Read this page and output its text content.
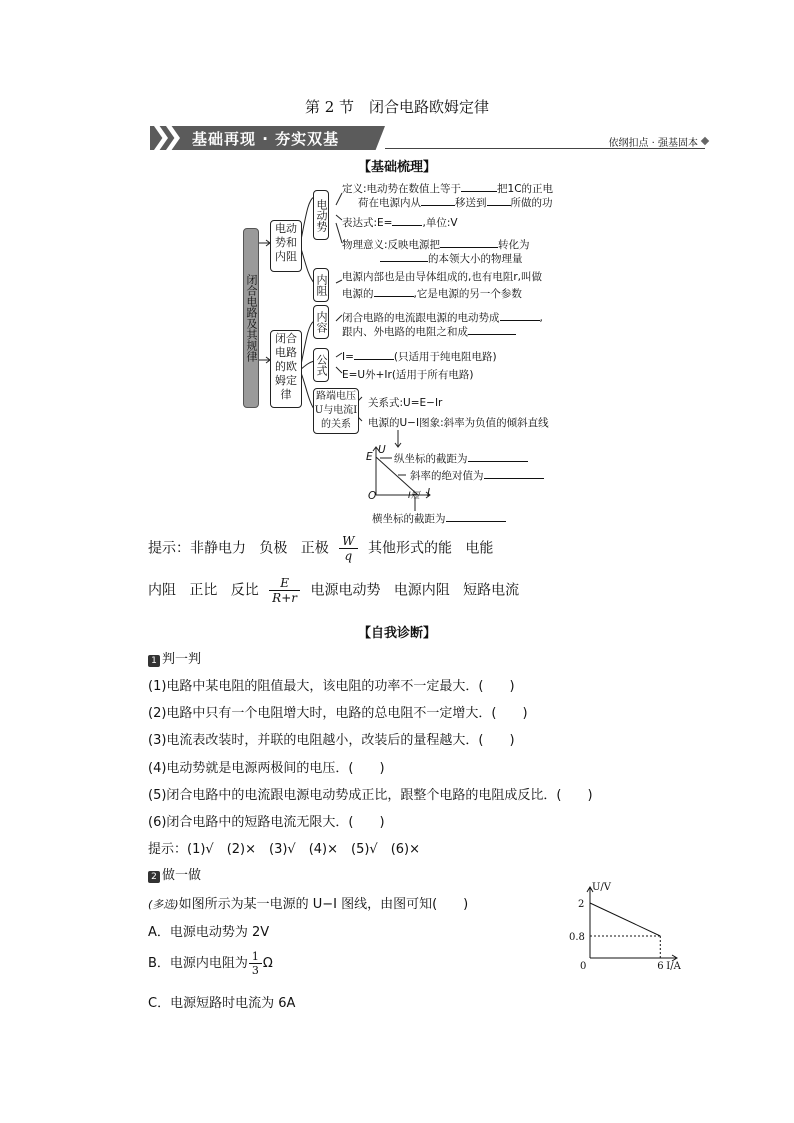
第 2 节　闭合电路欧姆定律
基础再现 · 夯实双基	依纲扣点 · 强基固本
【基础梳理】
闭合电路及其规律
电动势和内阻
闭合电路的欧姆定律
电动势
内阻
内容
公式
路端电压U与电流I的关系
定义:电动势在数值上等于	把1C的正电
荷在电源内从	移送到 所做的功
表达式:E=	,单位:V
物理意义:反映电源把	转化为
的本领大小的物理量
电源内部也是由导体组成的,也有电阻r,叫做
电源的	,它是电源的另一个参数
闭合电路的电流跟电源的电动势成	,
跟内、外电路的电阻之和成
I=	(只适用于纯电阻电路)
E=U外+Ir(适用于所有电路)
关系式:U=E−Ir
电源的U−I图象:斜率为负值的倾斜直线
U
E
O	I
I短
纵坐标的截距为
斜率的绝对值为
横坐标的截距为
提示：非静电力 负极 正极 $\frac{W}{q}$ 其他形式的能 电能
内阻 正比 反比 $\frac{E}{R+r}$ 电源电动势 电源内阻 短路电流
【自我诊断】
1 判一判
(1)电路中某电阻的阻值最大，该电阻的功率不一定最大．(　　)
(2)电路中只有一个电阻增大时，电路的总电阻不一定增大．(　　)
(3)电流表改装时，并联的电阻越小，改装后的量程越大．(　　)
(4)电动势就是电源两极间的电压．(　　)
(5)闭合电路中的电流跟电源电动势成正比，跟整个电路的电阻成反比．(　　)
(6)闭合电路中的短路电流无限大．(　　)
提示：(1)√　(2)×　(3)√　(4)×　(5)√　(6)×
2 做一做
(多选)如图所示为某一电源的 U−I 图线，由图可知(　　)
A．电源电动势为 2V
B．电源内电阻为 $\frac{1}{3}$ Ω
C．电源短路时电流为 6A
U/V
2
0.8
0	6 I/A
